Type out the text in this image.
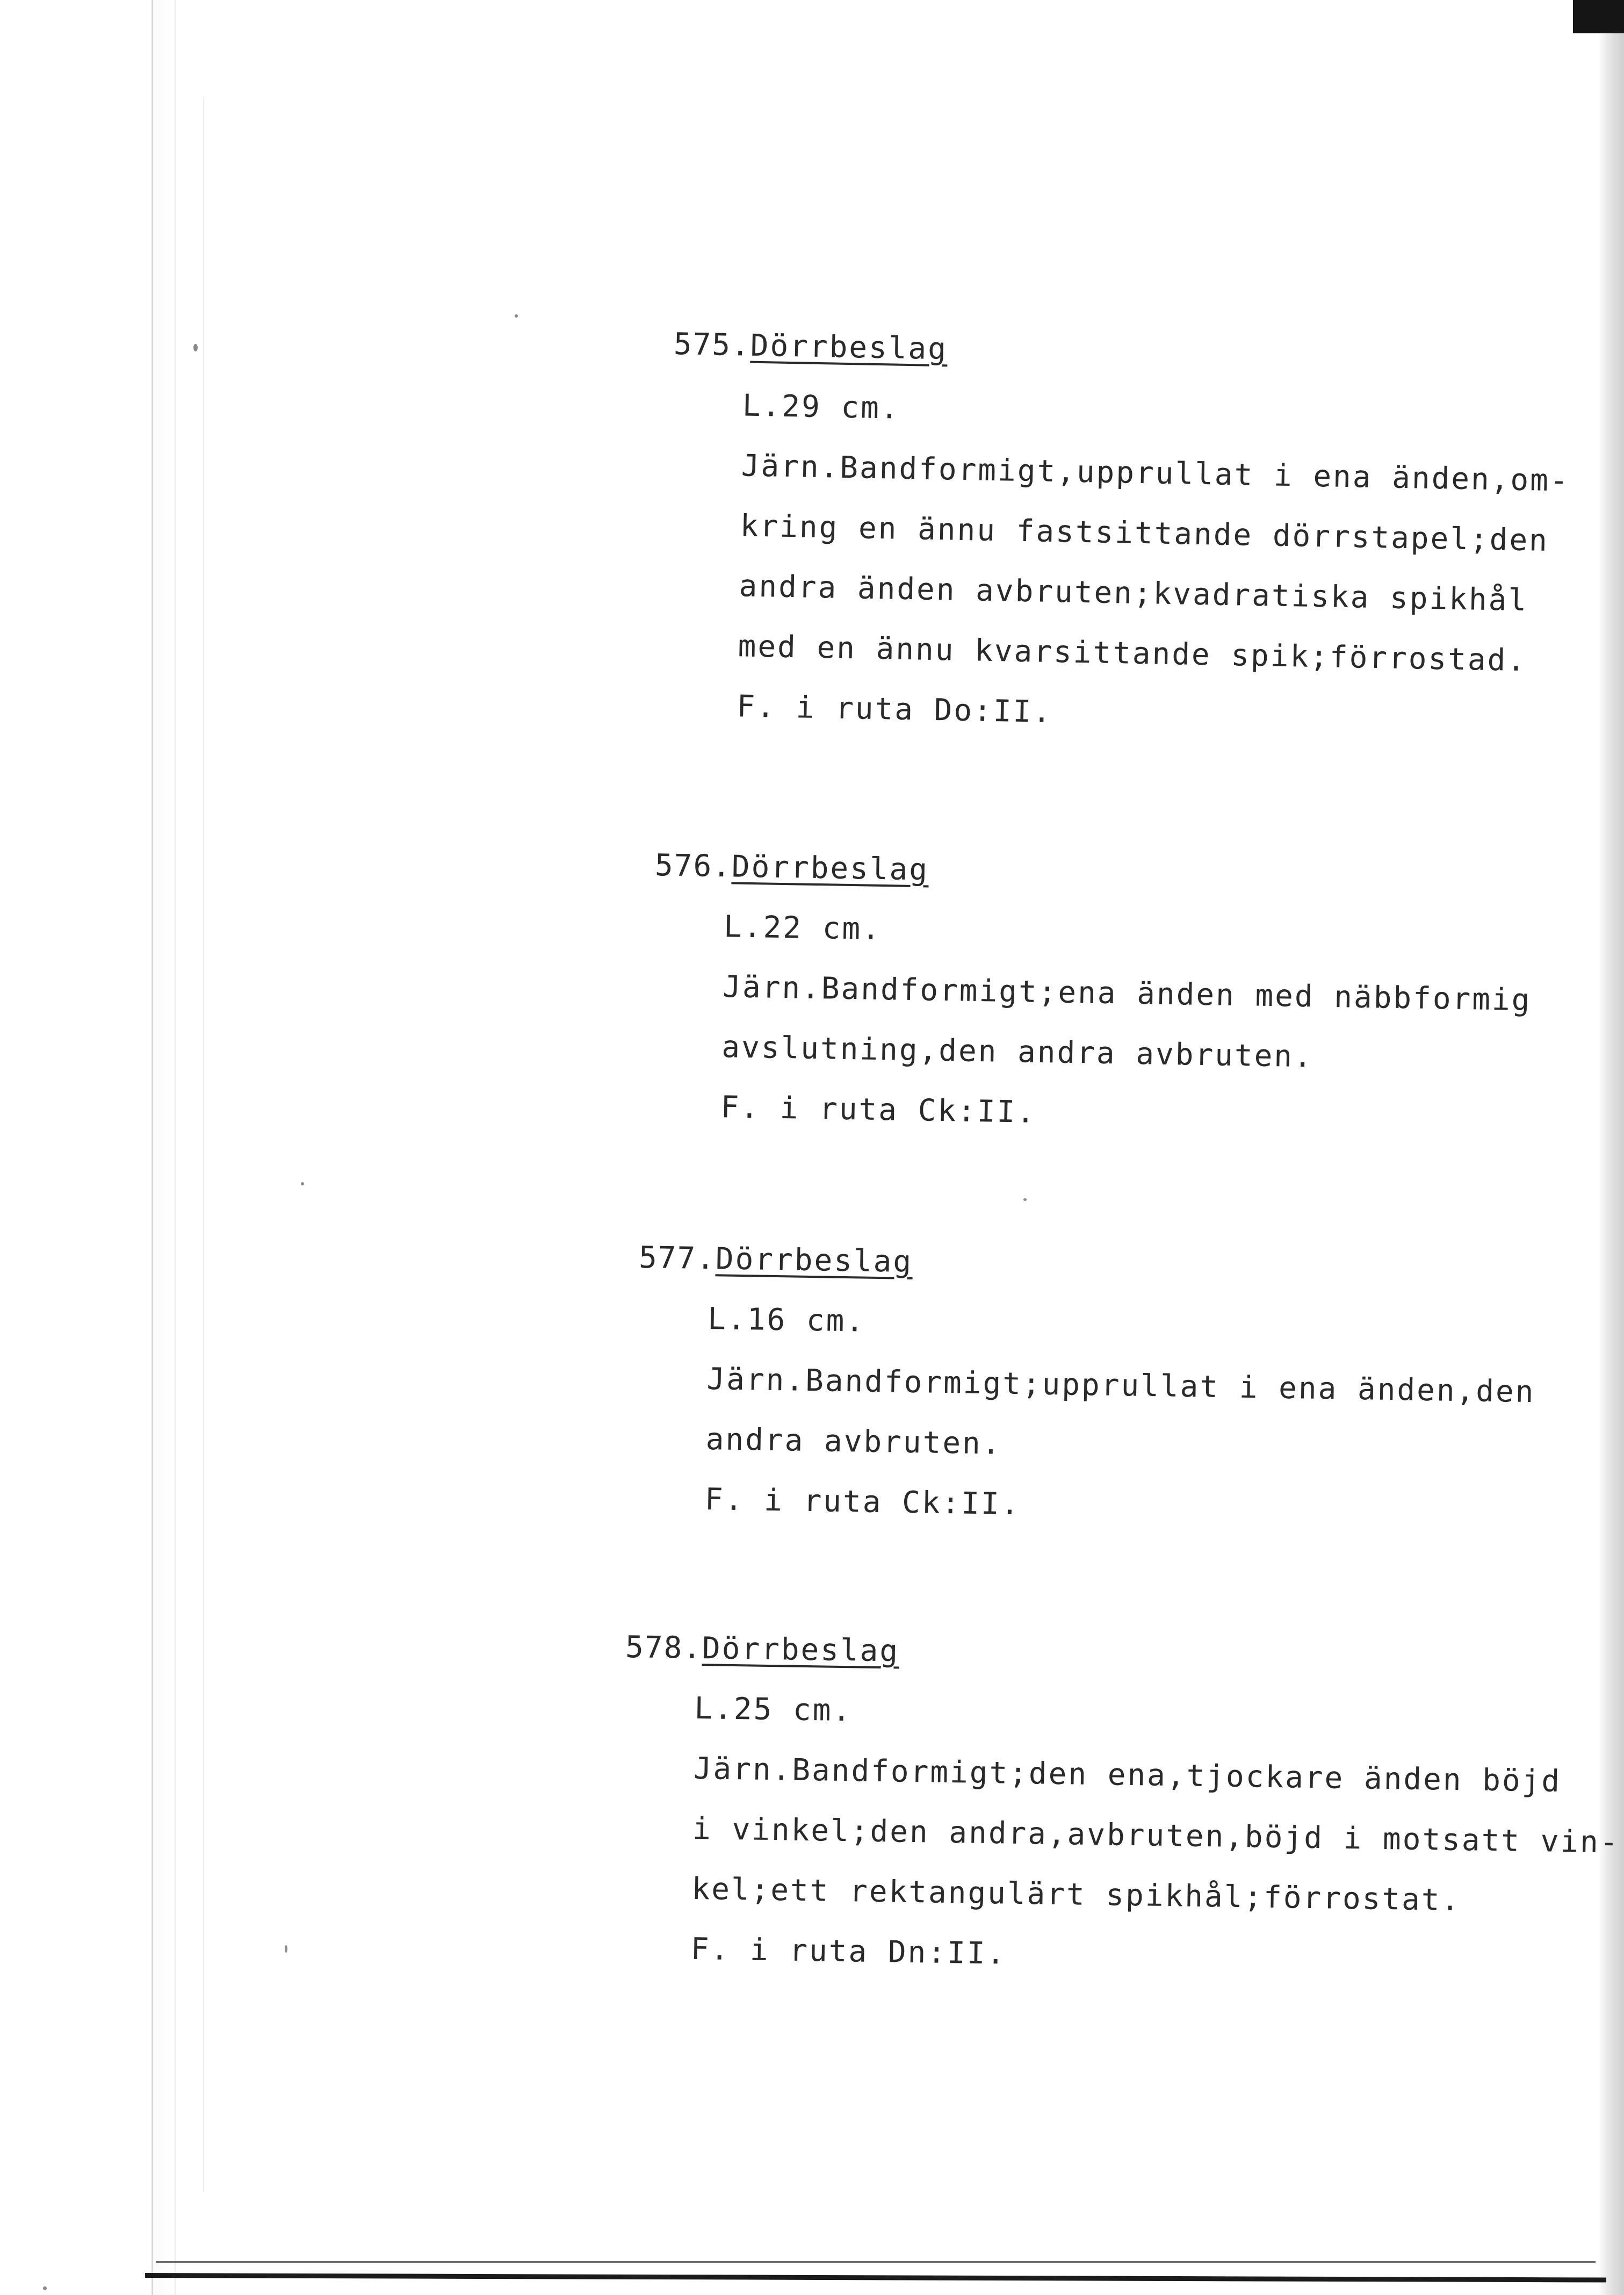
575.Dörrbeslag
L.29 cm.
Järn.Bandformigt,upprullat i ena änden,om-
kring en ännu fastsittande dörrstapel;den
andra änden avbruten;kvadratiska spikhål
med en ännu kvarsittande spik;förrostad.
F. i ruta Do:II.
576.Dörrbeslag
L.22 cm.
Järn.Bandformigt;ena änden med näbbformig
avslutning,den andra avbruten.
F. i ruta Ck:II.
577.Dörrbeslag
L.16 cm.
Järn.Bandformigt;upprullat i ena änden,den
andra avbruten.
F. i ruta Ck:II.
578.Dörrbeslag
L.25 cm.
Järn.Bandformigt;den ena,tjockare änden böjd
i vinkel;den andra,avbruten,böjd i motsatt vin-
kel;ett rektangulärt spikhål;förrostat.
F. i ruta Dn:II.
